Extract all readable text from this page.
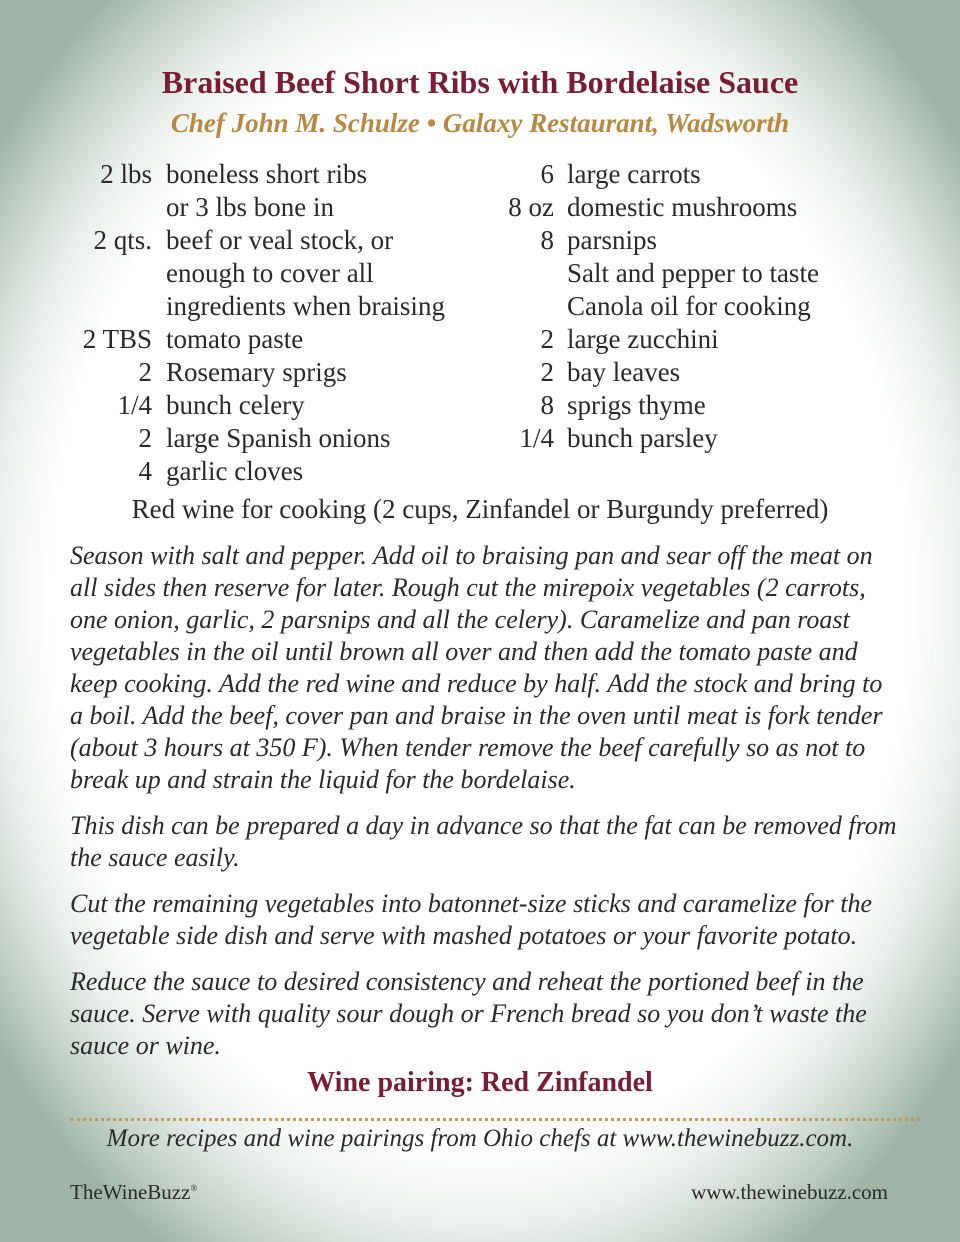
Braised Beef Short Ribs with Bordelaise Sauce
Chef John M. Schulze • Galaxy Restaurant, Wadsworth
2 lbs boneless short ribs
or 3 lbs bone in
2 qts. beef or veal stock, or
enough to cover all
ingredients when braising
2 TBS tomato paste
2 Rosemary sprigs
1/4 bunch celery
2 large Spanish onions
4 garlic cloves
6 large carrots
8 oz domestic mushrooms
8 parsnips
Salt and pepper to taste
Canola oil for cooking
2 large zucchini
2 bay leaves
8 sprigs thyme
1/4 bunch parsley
Red wine for cooking (2 cups, Zinfandel or Burgundy preferred)

Season with salt and pepper. Add oil to braising pan and sear off the meat on all sides then reserve for later. Rough cut the mirepoix vegetables (2 carrots, one onion, garlic, 2 parsnips and all the celery). Caramelize and pan roast vegetables in the oil until brown all over and then add the tomato paste and keep cooking. Add the red wine and reduce by half. Add the stock and bring to a boil. Add the beef, cover pan and braise in the oven until meat is fork tender (about 3 hours at 350 F). When tender remove the beef carefully so as not to break up and strain the liquid for the bordelaise.

This dish can be prepared a day in advance so that the fat can be removed from the sauce easily.

Cut the remaining vegetables into batonnet-size sticks and caramelize for the vegetable side dish and serve with mashed potatoes or your favorite potato.

Reduce the sauce to desired consistency and reheat the portioned beef in the sauce. Serve with quality sour dough or French bread so you don’t waste the sauce or wine.

Wine pairing: Red Zinfandel
More recipes and wine pairings from Ohio chefs at www.thewinebuzz.com.
TheWineBuzz®	www.thewinebuzz.com
